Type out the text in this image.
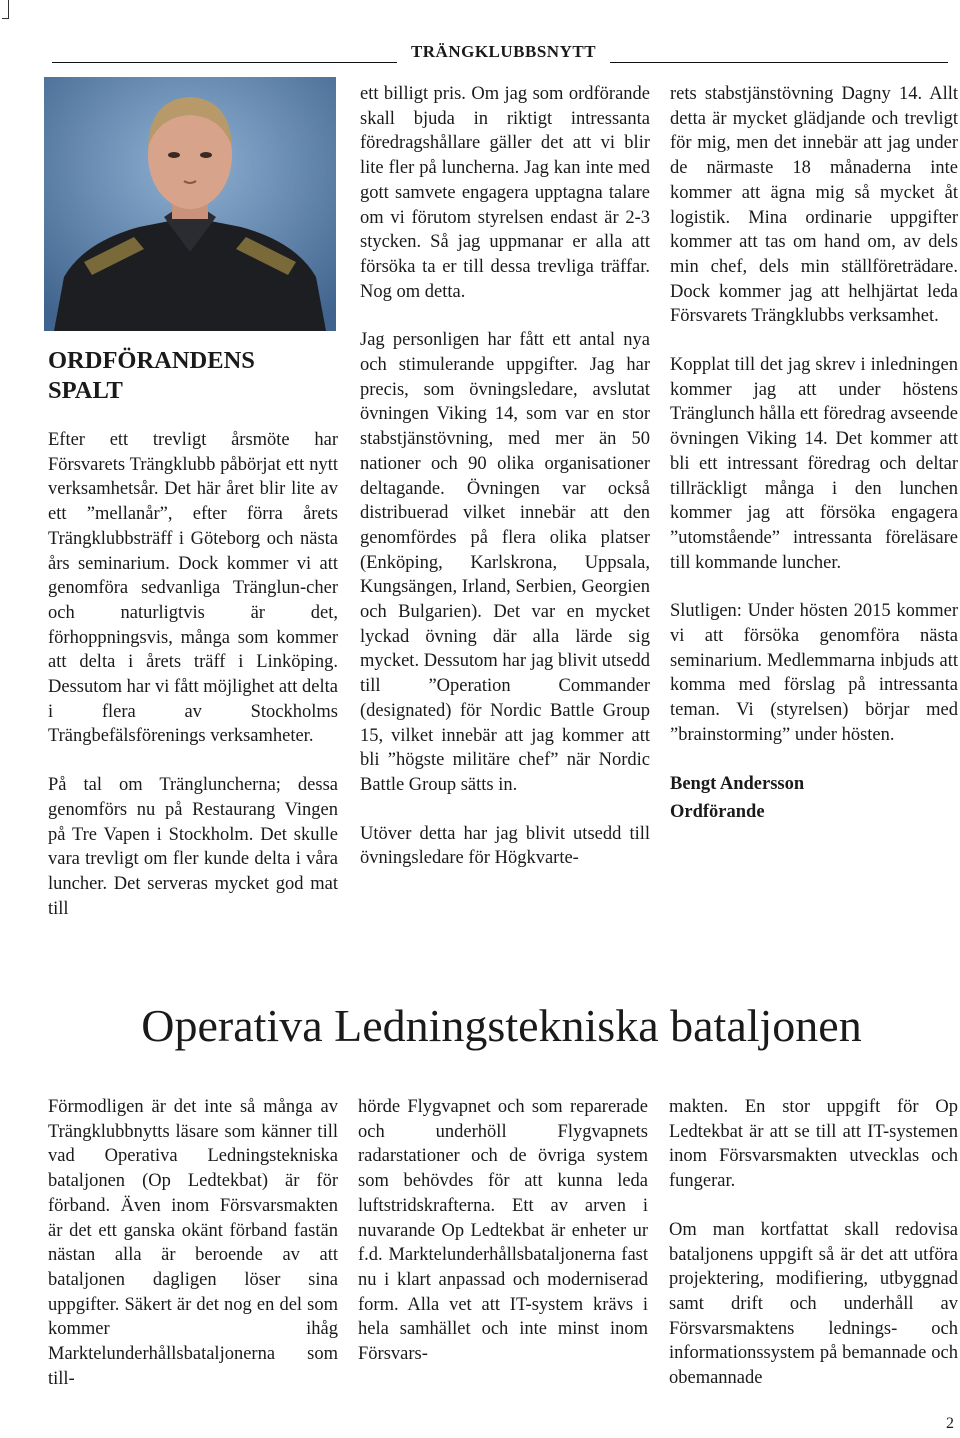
TRÄNGKLUBBSNYTT
ORDFÖRANDENS
SPALT

Efter ett trevligt årsmöte har Försvarets Trängklubb påbörjat ett nytt verksamhetsår. Det här året blir lite av ett ”mellanår”, efter förra årets Trängklubbsträff i Göteborg och nästa års seminarium. Dock kommer vi att genomföra sedvanliga Tränglun-cher och naturligtvis är det, förhoppningsvis, många som kommer att delta i årets träff i Linköping. Dessutom har vi fått möjlighet att delta i flera av Stockholms Trängbefälsförenings verksamheter.

På tal om Trängluncherna; dessa genomförs nu på Restaurang Vingen på Tre Vapen i Stockholm. Det skulle vara trevligt om fler kunde delta i våra luncher. Det serveras mycket god mat till

ett billigt pris. Om jag som ordförande skall bjuda in riktigt intressanta föredragshållare gäller det att vi blir lite fler på luncherna. Jag kan inte med gott samvete engagera upptagna talare om vi förutom styrelsen endast är 2-3 stycken. Så jag uppmanar er alla att försöka ta er till dessa trevliga träffar. Nog om detta.

Jag personligen har fått ett antal nya och stimulerande uppgifter. Jag har precis, som övningsledare, avslutat övningen Viking 14, som var en stor stabstjänstövning, med mer än 50 nationer och 90 olika organisationer deltagande. Övningen var också distribuerad vilket innebär att den genomfördes på flera olika platser (Enköping, Karlskrona, Uppsala, Kungsängen, Irland, Serbien, Georgien och Bulgarien). Det var en mycket lyckad övning där alla lärde sig mycket. Dessutom har jag blivit utsedd till ”Operation Commander (designated) för Nordic Battle Group 15, vilket innebär att jag kommer att bli ”högste militäre chef” när Nordic Battle Group sätts in.

Utöver detta har jag blivit utsedd till övningsledare för Högkvarte-

rets stabstjänstövning Dagny 14. Allt detta är mycket glädjande och trevligt för mig, men det innebär att jag under de närmaste 18 månaderna inte kommer att ägna mig så mycket åt logistik. Mina ordinarie uppgifter kommer att tas om hand om, av dels min chef, dels min ställföreträdare. Dock kommer jag att helhjärtat leda Försvarets Trängklubbs verksamhet.

Kopplat till det jag skrev i inledningen kommer jag att under höstens Tränglunch hålla ett föredrag avseende övningen Viking 14. Det kommer att bli ett intressant föredrag och deltar tillräckligt många i den lunchen kommer jag att försöka engagera ”utomstående” intressanta föreläsare till kommande luncher.

Slutligen: Under hösten 2015 kommer vi att försöka genomföra nästa seminarium. Medlemmarna inbjuds att komma med förslag på intressanta teman. Vi (styrelsen) börjar med ”brainstorming” under hösten.

Bengt Andersson

Ordförande

Operativa Ledningstekniska bataljonen

Förmodligen är det inte så många av Trängklubbnytts läsare som känner till vad Operativa Ledningstekniska bataljonen (Op Ledtekbat) är för förband. Även inom Försvarsmakten är det ett ganska okänt förband fastän nästan alla är beroende av att bataljonen dagligen löser sina uppgifter. Säkert är det nog en del som kommer ihåg Marktelunderhållsbataljonerna som till-

hörde Flygvapnet och som reparerade och underhöll Flygvapnets radarstationer och de övriga system som behövdes för att kunna leda luftstridskrafterna. Ett av arven i nuvarande Op Ledtekbat är enheter ur f.d. Marktelunderhållsbataljonerna fast nu i klart anpassad och moderniserad form. Alla vet att IT-system krävs i hela samhället och inte minst inom Försvars-

makten. En stor uppgift för Op Ledtekbat är att se till att IT-systemen inom Försvarsmakten utvecklas och fungerar.

Om man kortfattat skall redovisa bataljonens uppgift så är det att utföra projektering, modifiering, utbyggnad samt drift och underhåll av Försvarsmaktens lednings- och informationssystem på bemannade och obemannade

2
